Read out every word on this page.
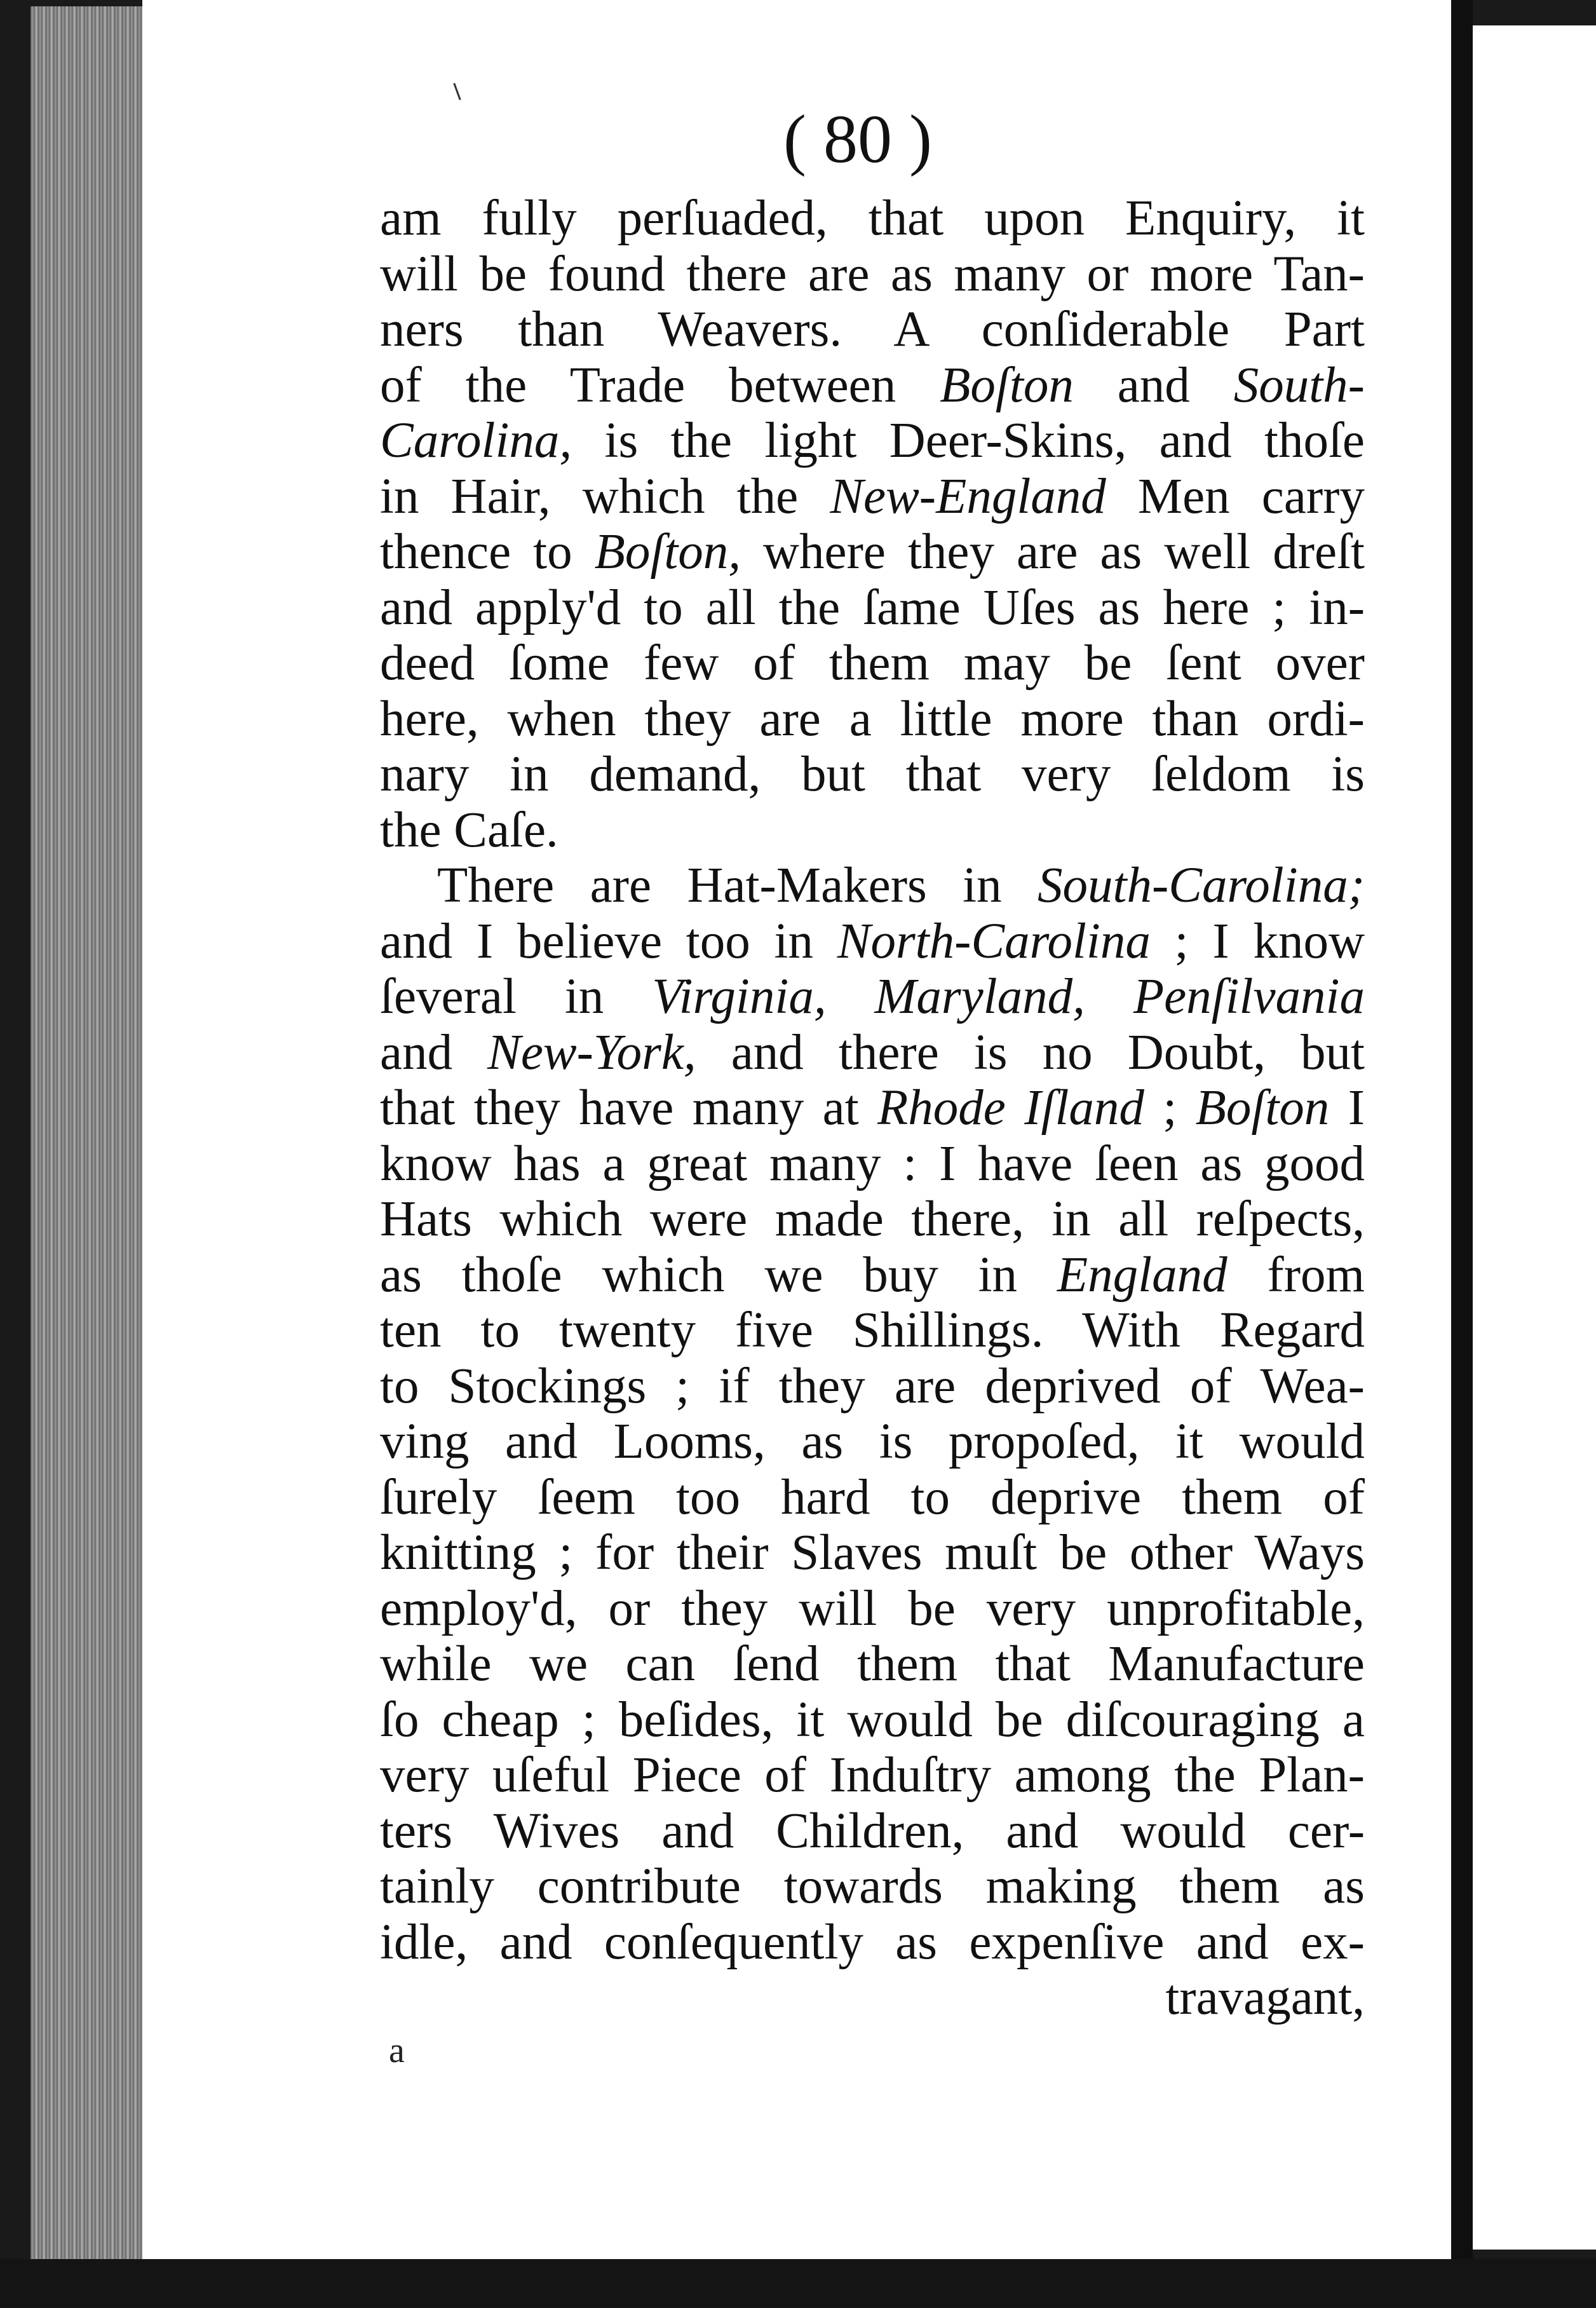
( 80 )
am fully perſuaded, that upon Enquiry, it
will be found there are as many or more Tan-
ners than Weavers. A conſiderable Part
of the Trade between Boſton and South-
Carolina, is the light Deer-Skins, and thoſe
in Hair, which the New-England Men carry
thence to Boſton, where they are as well dreſt
and apply'd to all the ſame Uſes as here ; in-
deed ſome few of them may be ſent over
here, when they are a little more than ordi-
nary in demand, but that very ſeldom is
the Caſe.
There are Hat-Makers in South-Carolina;
and I believe too in North-Carolina ; I know
ſeveral in Virginia, Maryland, Penſilvania
and New-York, and there is no Doubt, but
that they have many at Rhode Iſland ; Boſton I
know has a great many : I have ſeen as good
Hats which were made there, in all reſpects,
as thoſe which we buy in England from
ten to twenty five Shillings. With Regard
to Stockings ; if they are deprived of Wea-
ving and Looms, as is propoſed, it would
ſurely ſeem too hard to deprive them of
knitting ; for their Slaves muſt be other Ways
employ'd, or they will be very unprofitable,
while we can ſend them that Manufacture
ſo cheap ; beſides, it would be diſcouraging a
very uſeful Piece of Induſtry among the Plan-
ters Wives and Children, and would cer-
tainly contribute towards making them as
idle, and conſequently as expenſive and ex-
travagant,
a
